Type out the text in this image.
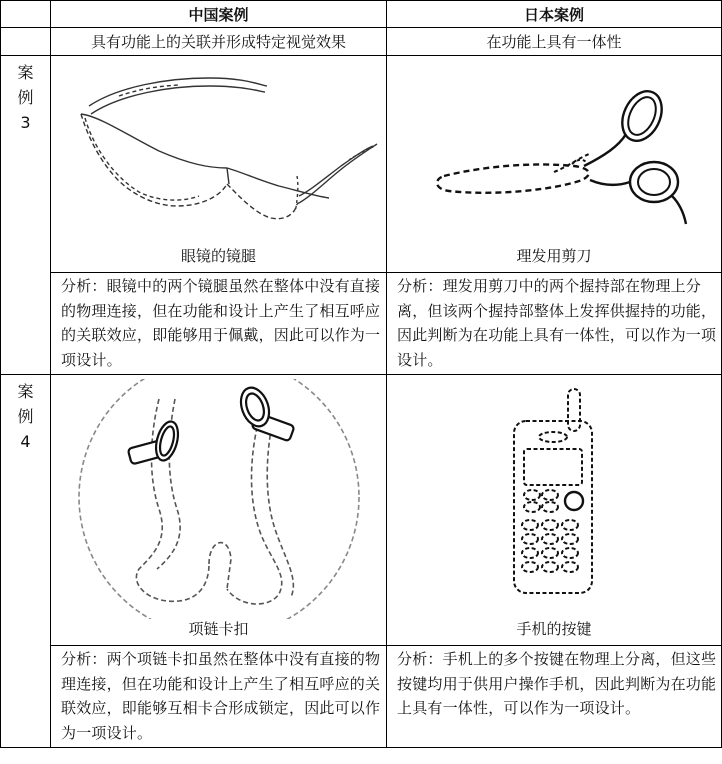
	中国案例	日本案例
	具有功能上的关联并形成特定视觉效果	在功能上具有一体性

案
例
3	眼镜的镜腿	理发用剪刀

	分析：眼镜中的两个镜腿虽然在整体中没有直接的物理连接，但在功能和设计上产生了相互呼应的关联效应，即能够用于佩戴，因此可以作为一项设计。	分析：理发用剪刀中的两个握持部在物理上分离，但该两个握持部整体上发挥供握持的功能，因此判断为在功能上具有一体性，可以作为一项设计。

案
例
4	项链卡扣	手机的按键

	分析：两个项链卡扣虽然在整体中没有直接的物理连接，但在功能和设计上产生了相互呼应的关联效应，即能够互相卡合形成锁定，因此可以作为一项设计。	分析：手机上的多个按键在物理上分离，但这些按键均用于供用户操作手机，因此判断为在功能上具有一体性，可以作为一项设计。
